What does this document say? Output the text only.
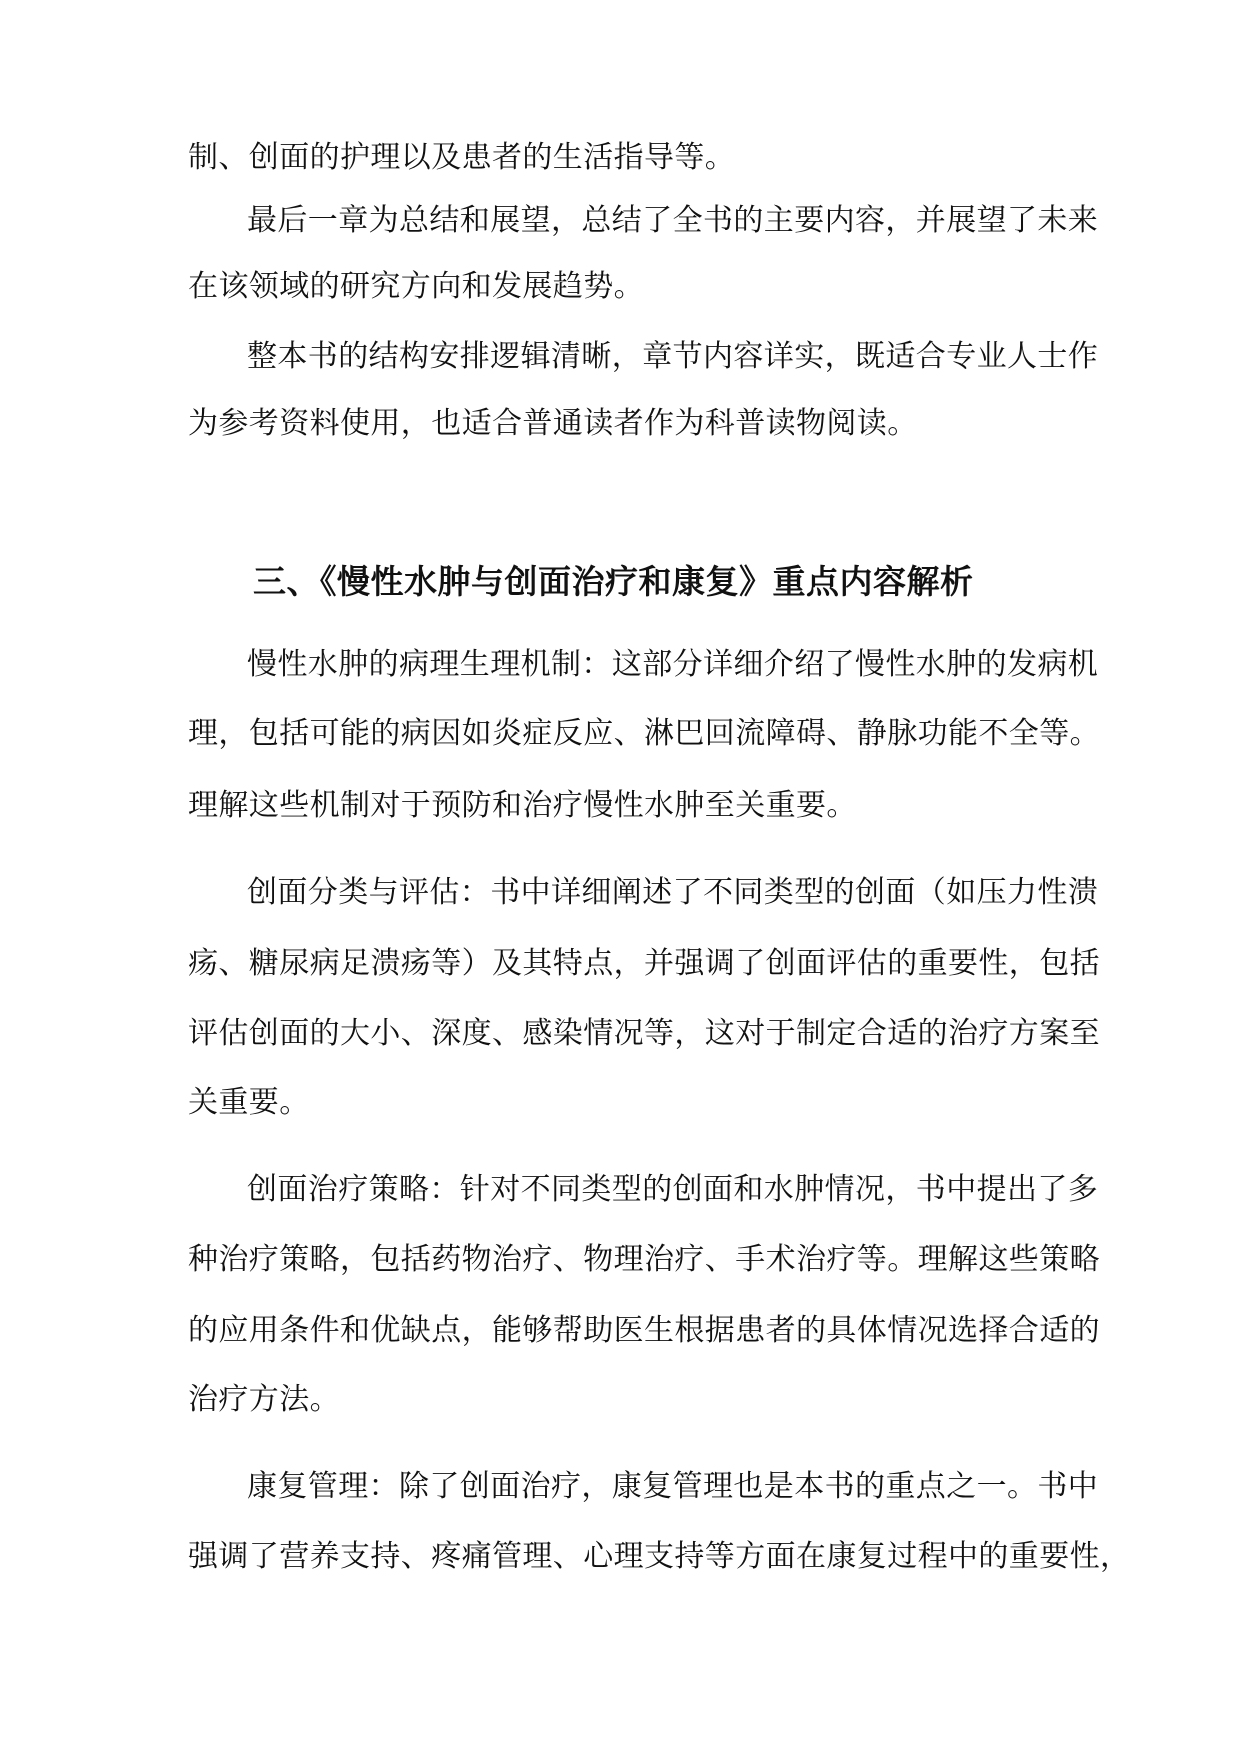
制、创面的护理以及患者的生活指导等。
最后一章为总结和展望，总结了全书的主要内容，并展望了未来
在该领域的研究方向和发展趋势。
整本书的结构安排逻辑清晰，章节内容详实，既适合专业人士作
为参考资料使用，也适合普通读者作为科普读物阅读。
三、《慢性水肿与创面治疗和康复》重点内容解析
慢性水肿的病理生理机制：这部分详细介绍了慢性水肿的发病机
理，包括可能的病因如炎症反应、淋巴回流障碍、静脉功能不全等。
理解这些机制对于预防和治疗慢性水肿至关重要。
创面分类与评估：书中详细阐述了不同类型的创面（如压力性溃
疡、糖尿病足溃疡等）及其特点，并强调了创面评估的重要性，包括
评估创面的大小、深度、感染情况等，这对于制定合适的治疗方案至
关重要。
创面治疗策略：针对不同类型的创面和水肿情况，书中提出了多
种治疗策略，包括药物治疗、物理治疗、手术治疗等。理解这些策略
的应用条件和优缺点，能够帮助医生根据患者的具体情况选择合适的
治疗方法。
康复管理：除了创面治疗，康复管理也是本书的重点之一。书中
强调了营养支持、疼痛管理、心理支持等方面在康复过程中的重要性，
